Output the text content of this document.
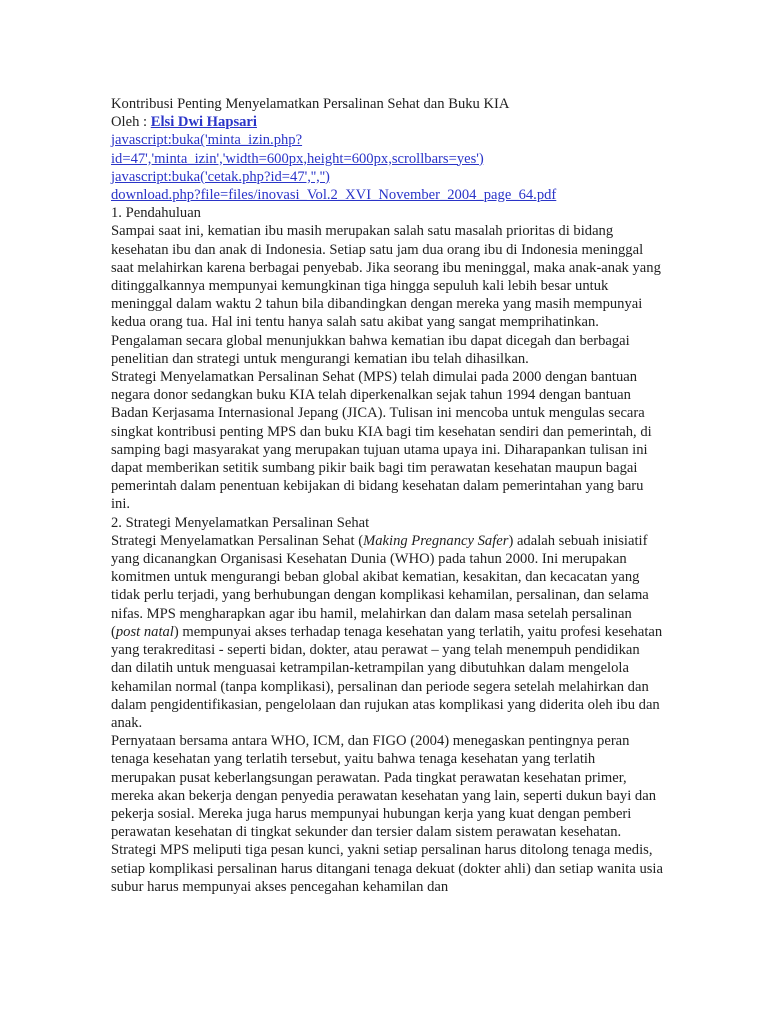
Kontribusi Penting Menyelamatkan Persalinan Sehat dan Buku KIA

Oleh : Elsi Dwi Hapsari

javascript:buka('minta_izin.php?id=47','minta_izin','width=600px,height=600px,scrollbars=yes')

javascript:buka('cetak.php?id=47','','')

download.php?file=files/inovasi_Vol.2_XVI_November_2004_page_64.pdf

1. Pendahuluan

Sampai saat ini, kematian ibu masih merupakan salah satu masalah prioritas di bidang kesehatan ibu dan anak di Indonesia. Setiap satu jam dua orang ibu di Indonesia meninggal saat melahirkan karena berbagai penyebab. Jika seorang ibu meninggal, maka anak-anak yang ditinggalkannya mempunyai kemungkinan tiga hingga sepuluh kali lebih besar untuk meninggal dalam waktu 2 tahun bila dibandingkan dengan mereka yang masih mempunyai kedua orang tua. Hal ini tentu hanya salah satu akibat yang sangat memprihatinkan. Pengalaman secara global menunjukkan bahwa kematian ibu dapat dicegah dan berbagai penelitian dan strategi untuk mengurangi kematian ibu telah dihasilkan.

Strategi Menyelamatkan Persalinan Sehat (MPS) telah dimulai pada 2000 dengan bantuan negara donor sedangkan buku KIA telah diperkenalkan sejak tahun 1994 dengan bantuan Badan Kerjasama Internasional Jepang (JICA). Tulisan ini mencoba untuk mengulas secara singkat kontribusi penting MPS dan buku KIA bagi tim kesehatan sendiri dan pemerintah, di samping bagi masyarakat yang merupakan tujuan utama upaya ini. Diharapankan tulisan ini dapat memberikan setitik sumbang pikir baik bagi tim perawatan kesehatan maupun bagai pemerintah dalam penentuan kebijakan di bidang kesehatan dalam pemerintahan yang baru ini.

2. Strategi Menyelamatkan Persalinan Sehat

Strategi Menyelamatkan Persalinan Sehat (Making Pregnancy Safer) adalah sebuah inisiatif yang dicanangkan Organisasi Kesehatan Dunia (WHO) pada tahun 2000. Ini merupakan komitmen untuk mengurangi beban global akibat kematian, kesakitan, dan kecacatan yang tidak perlu terjadi, yang berhubungan dengan komplikasi kehamilan, persalinan, dan selama nifas. MPS mengharapkan agar ibu hamil, melahirkan dan dalam masa setelah persalinan (post natal) mempunyai akses terhadap tenaga kesehatan yang terlatih, yaitu profesi kesehatan yang terakreditasi - seperti bidan, dokter, atau perawat – yang telah menempuh pendidikan dan dilatih untuk menguasai ketrampilan-ketrampilan yang dibutuhkan dalam mengelola kehamilan normal (tanpa komplikasi), persalinan dan periode segera setelah melahirkan dan dalam pengidentifikasian, pengelolaan dan rujukan atas komplikasi yang diderita oleh ibu dan anak.

Pernyataan bersama antara WHO, ICM, dan FIGO (2004) menegaskan pentingnya peran tenaga kesehatan yang terlatih tersebut, yaitu bahwa tenaga kesehatan yang terlatih merupakan pusat keberlangsungan perawatan. Pada tingkat perawatan kesehatan primer, mereka akan bekerja dengan penyedia perawatan kesehatan yang lain, seperti dukun bayi dan pekerja sosial. Mereka juga harus mempunyai hubungan kerja yang kuat dengan pemberi perawatan kesehatan di tingkat sekunder dan tersier dalam sistem perawatan kesehatan. Strategi MPS meliputi tiga pesan kunci, yakni setiap persalinan harus ditolong tenaga medis, setiap komplikasi persalinan harus ditangani tenaga dekuat (dokter ahli) dan setiap wanita usia subur harus mempunyai akses pencegahan kehamilan dan
